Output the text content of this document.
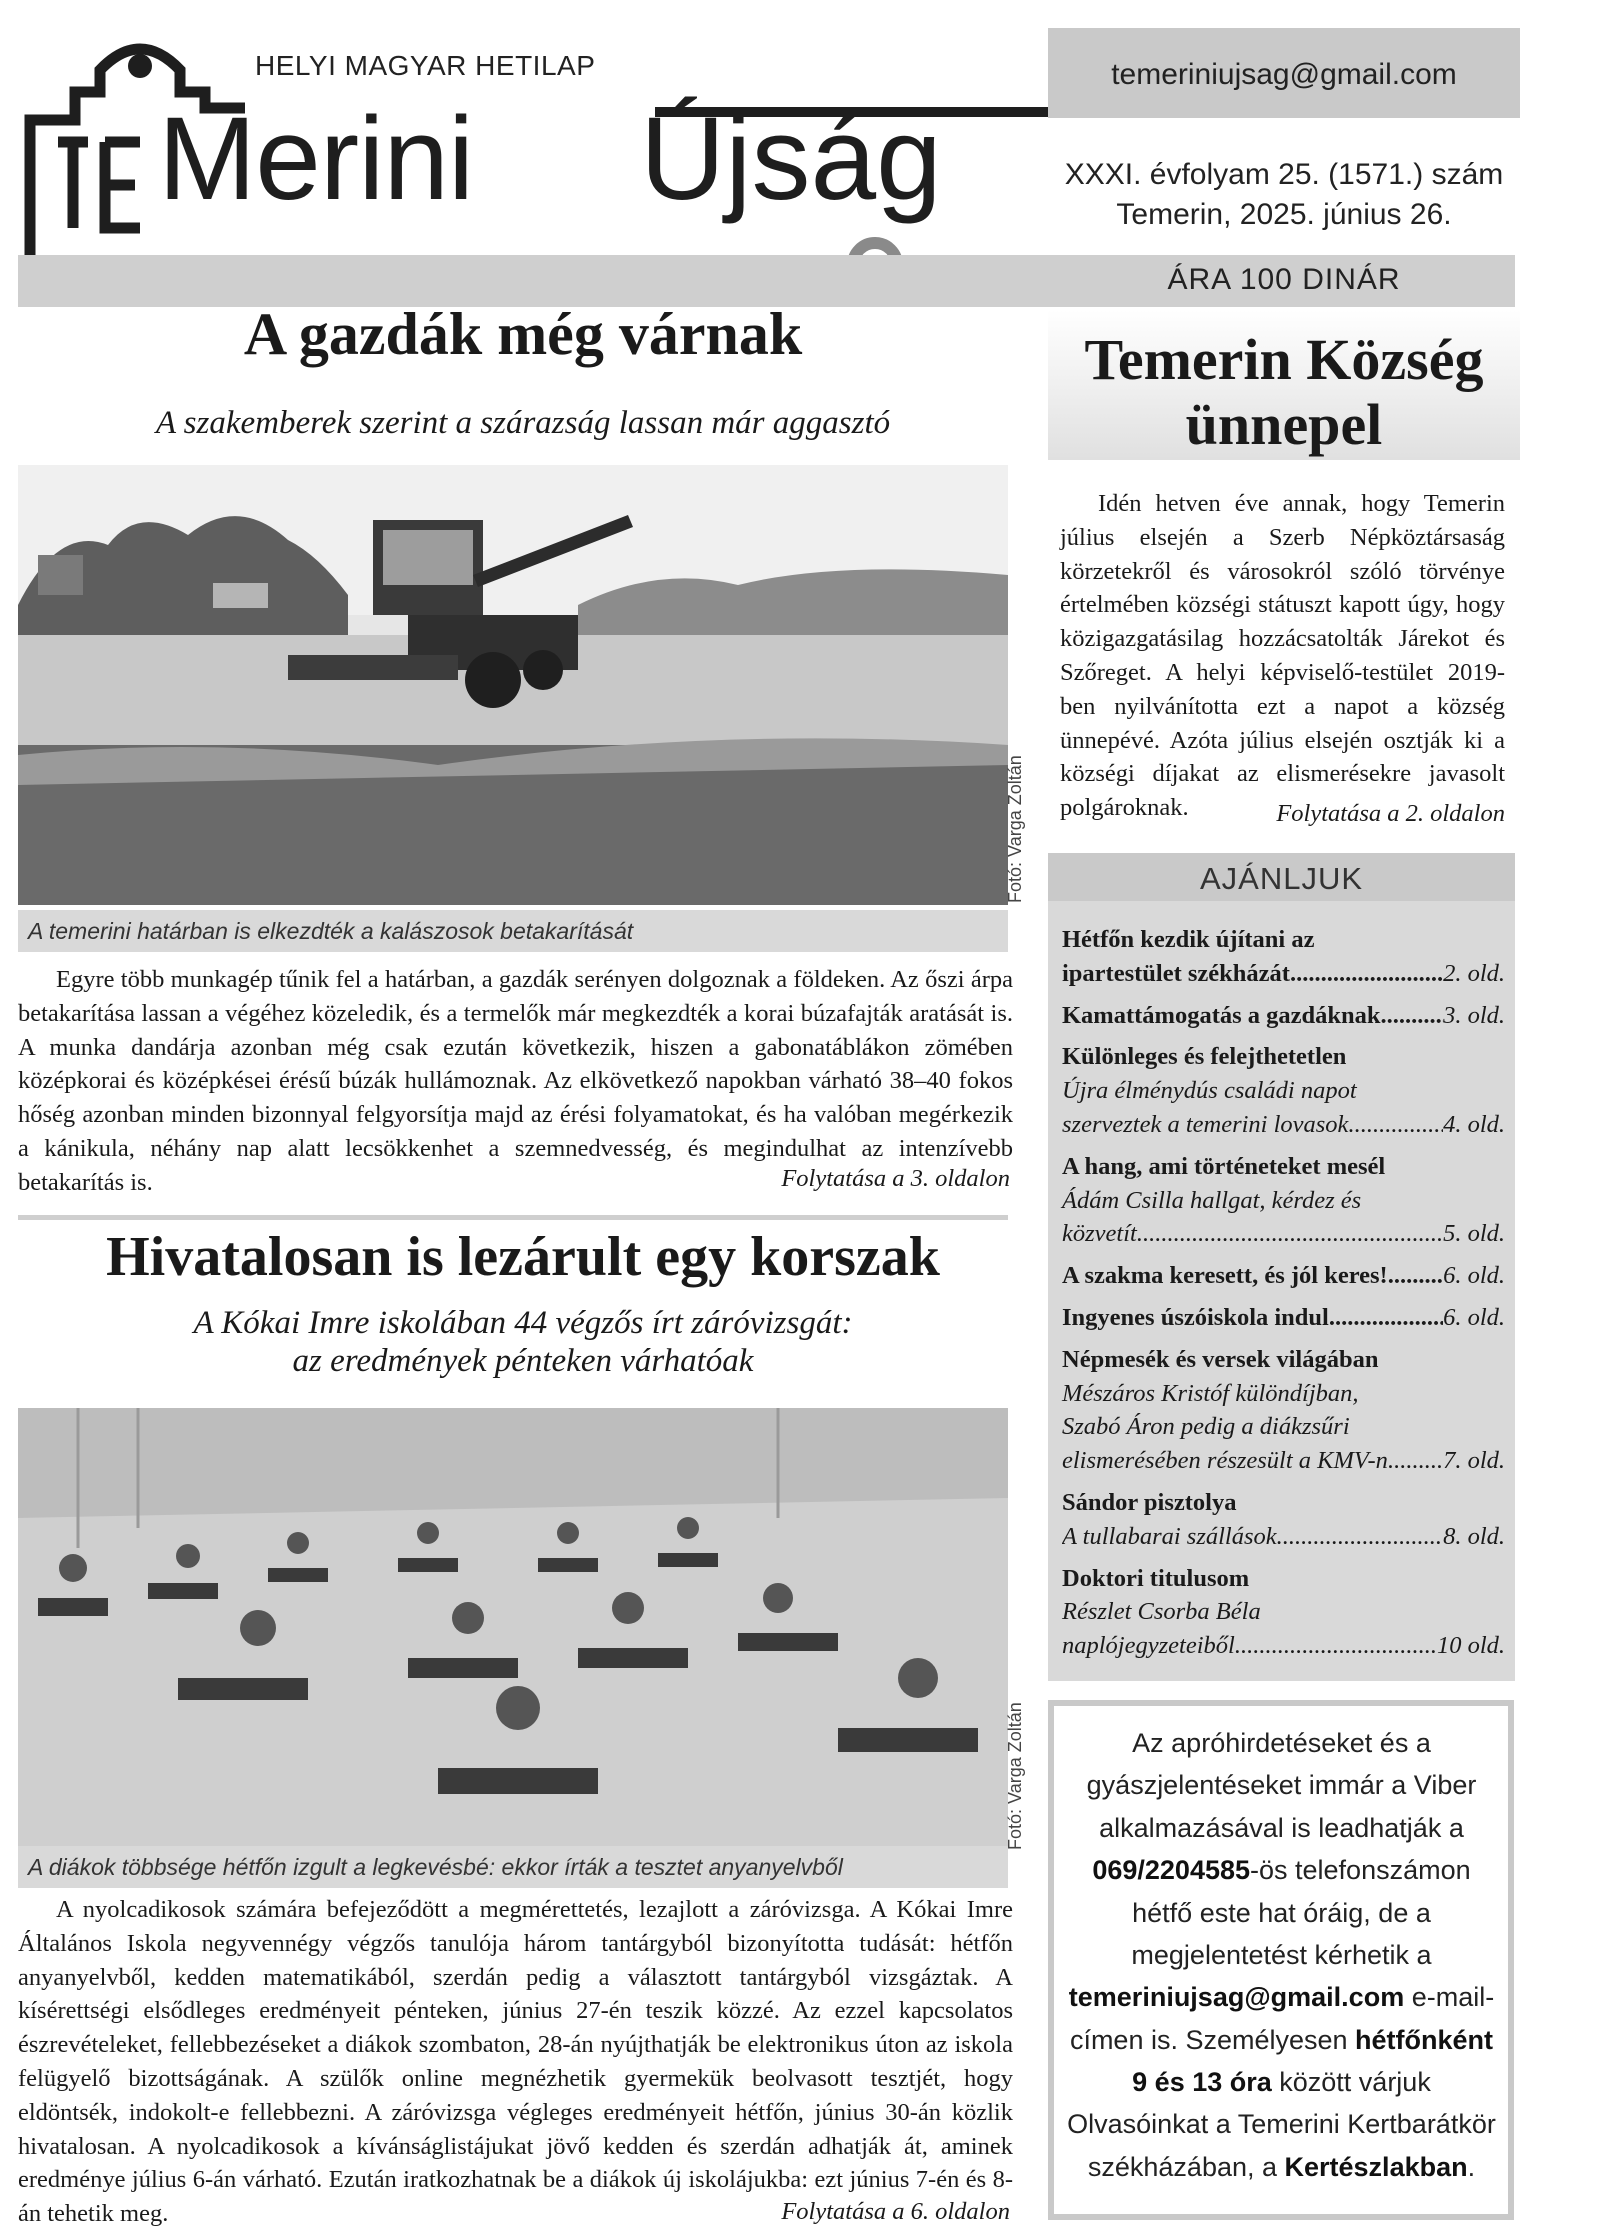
HELYI MAGYAR HETILAP
Merini Újság
temeriniujsag@gmail.com
XXXI. évfolyam 25. (1571.) szám
Temerin, 2025. június 26.
ÁRA 100 DINÁR
A gazdák még várnak
A szakemberek szerint a szárazság lassan már aggasztó
A temerini határban is elkezdték a kalászosok betakarítását
Fotó: Varga Zoltán
Egyre több munkagép tűnik fel a határban, a gazdák serényen dolgoznak a földeken. Az őszi árpa betakarítása lassan a végéhez közeledik, és a termelők már megkezdték a korai búzafajták aratását is. A munka dandárja azonban még csak ezután következik, hiszen a gabonatáblákon zömében középkorai és középkései érésű búzák hullámoznak. Az elkövetkező napokban várható 38–40 fokos hőség azonban minden bizonnyal felgyorsítja majd az érési folyamatokat, és ha valóban megérkezik a kánikula, néhány nap alatt lecsökkenhet a szemnedvesség, és megindulhat az intenzívebb betakarítás is.	Folytatása a 3. oldalon
Hivatalosan is lezárult egy korszak
A Kókai Imre iskolában 44 végzős írt záróvizsgát:
az eredmények pénteken várhatóak
A diákok többsége hétfőn izgult a legkevésbé: ekkor írták a tesztet anyanyelvből
Fotó: Varga Zoltán
A nyolcadikosok számára befejeződött a megmérettetés, lezajlott a záróvizsga. A Kókai Imre Általános Iskola negyvennégy végzős tanulója három tantárgyból bizonyította tudását: hétfőn anyanyelvből, kedden matematikából, szerdán pedig a választott tantárgyból vizsgáztak. A kísérettségi elsődleges eredményeit pénteken, június 27-én teszik közzé. Az ezzel kapcsolatos észrevételeket, fellebbezéseket a diákok szombaton, 28-án nyújthatják be elektronikus úton az iskola felügyelő bizottságának. A szülők online megnézhetik gyermekük beolvasott tesztjét, hogy eldöntsék, indokolt-e fellebbezni. A záróvizsga végleges eredményeit hétfőn, június 30-án közlik hivatalosan. A nyolcadikosok a kívánságlistájukat jövő kedden és szerdán adhatják át, aminek eredménye július 6-án várható. Ezután iratkozhatnak be a diákok új iskolájukba: ezt június 7-én és 8-án tehetik meg.	Folytatása a 6. oldalon
Temerin Község
ünnepel
Idén hetven éve annak, hogy Temerin július elsején a Szerb Népköztársaság körzetekről és városokról szóló törvénye értelmében községi státuszt kapott úgy, hogy közigazgatásilag hozzácsatolták Járekot és Szőreget. A helyi képviselő-testület 2019-ben nyilvánította ezt a napot a község ünnepévé. Azóta július elsején osztják ki a községi díjakat az elismerésekre javasolt polgároknak.	Folytatása a 2. oldalon
AJÁNLJUK
Hétfőn kezdik újítani az
ipartestület székházát .....	2. old.
Kamattámogatás a gazdáknak .....	3. old.
Különleges és felejthetetlen
Újra élménydús családi napot
szerveztek a temerini lovasok .....	4. old.
A hang, ami történeteket mesél
Ádám Csilla hallgat, kérdez és
közvetít .....	5. old.
A szakma keresett, és jól keres! .....	6. old.
Ingyenes úszóiskola indul .....	6. old.
Népmesék és versek világában
Mészáros Kristóf különdíjban,
Szabó Áron pedig a diákzsűri
elismerésében részesült a KMV-n .....	7. old.
Sándor pisztolya
A tullabarai szállások .....	8. old.
Doktori titulusom
Részlet Csorba Béla
naplójegyzeteiből .....	10 old.
Az apróhirdetéseket és a gyászjelentéseket immár a Viber alkalmazásával is leadhatják a 069/2204585-ös telefonszámon hétfő este hat óráig, de a megjelentetést kérhetik a temeriniujsag@gmail.com e-mail-címen is. Személyesen hétfőnként 9 és 13 óra között várjuk Olvasóinkat a Temerini Kertbarátkör székházában, a Kertészlakban.
